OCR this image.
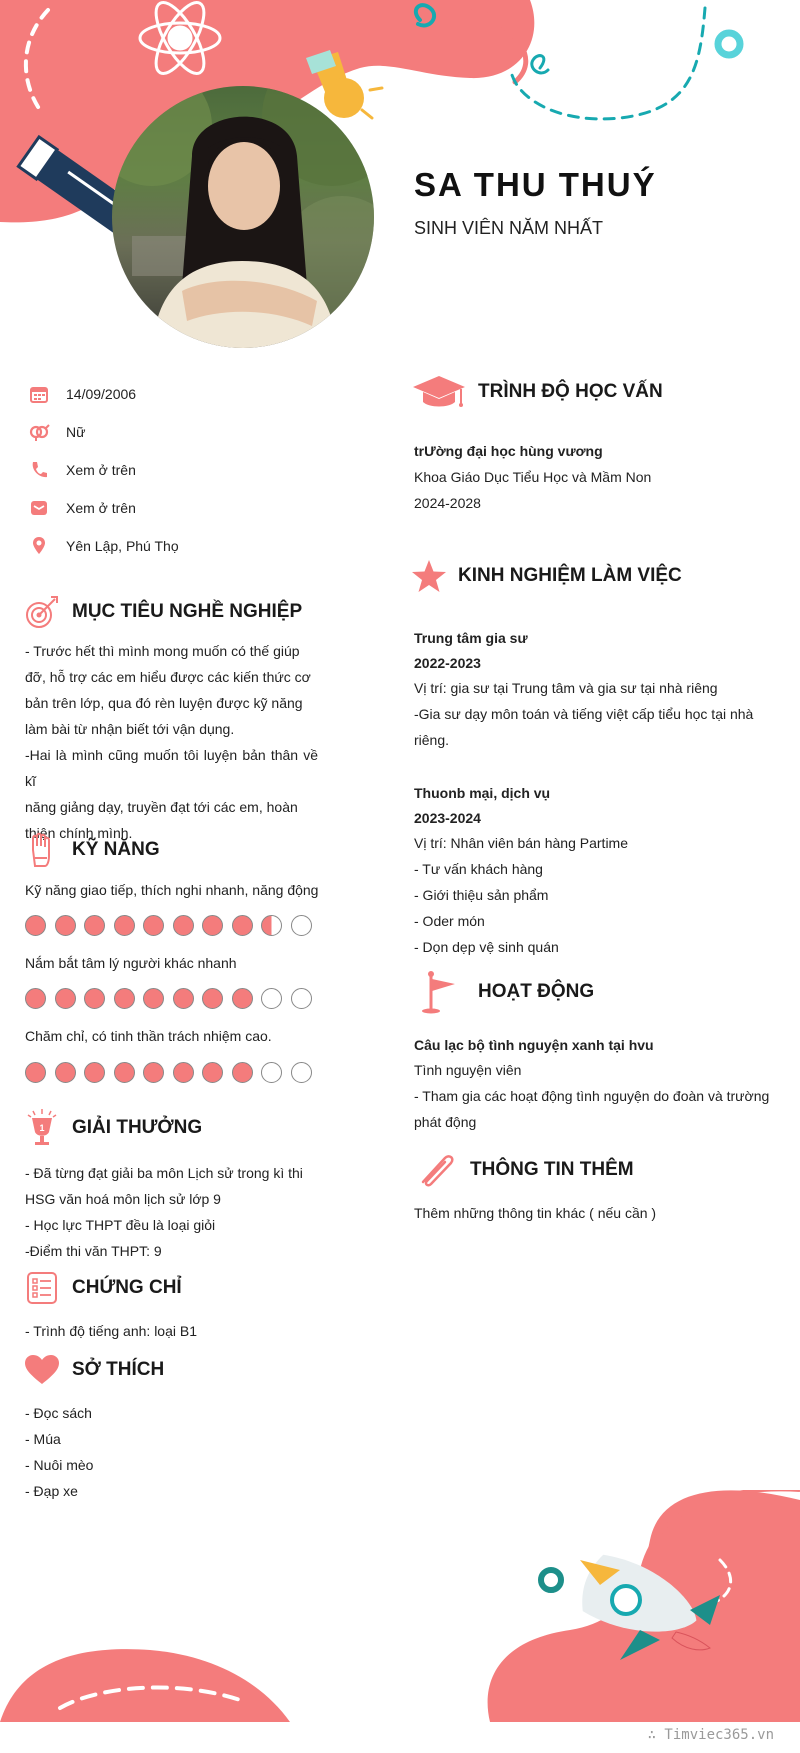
SA THU THUÝ
SINH VIÊN NĂM NHẤT
14/09/2006
Nữ
Xem ở trên
Xem ở trên
Yên Lập, Phú Thọ
MỤC TIÊU NGHỀ NGHIỆP
- Trước hết thì mình mong muốn có thế giúp
đỡ, hỗ trợ các em hiểu được các kiến thức cơ
bản trên lớp, qua đó rèn luyện được kỹ năng
làm bài từ nhận biết tới vận dụng.
-Hai là mình cũng muốn tôi luyện bản thân về kĩ
năng giảng dạy, truyền đạt tới các em, hoàn
thiện chính mình.
KỸ NĂNG
Kỹ năng giao tiếp, thích nghi nhanh, năng động
Nắm bắt tâm lý người khác nhanh
Chăm chỉ, có tinh thần trách nhiệm cao.
1 GIẢI THƯỞNG
- Đã từng đạt giải ba môn Lịch sử trong kì thi
HSG văn hoá môn lịch sử lớp 9
- Học lực THPT đều là loại giỏi
-Điểm thi văn THPT: 9
CHỨNG CHỈ
- Trình độ tiếng anh: loại B1
SỞ THÍCH
- Đọc sách
- Múa
- Nuôi mèo
- Đạp xe
TRÌNH ĐỘ HỌC VẤN
trƯờng đại học hùng vương
Khoa Giáo Dục Tiểu Học và Mầm Non
2024-2028
KINH NGHIỆM LÀM VIỆC
Trung tâm gia sư
2022-2023
Vị trí: gia sư tại Trung tâm và gia sư tại nhà riêng
-Gia sư dạy môn toán và tiếng việt cấp tiểu học tại nhà
riêng.
Thuonb mại, dịch vụ
2023-2024
Vị trí: Nhân viên bán hàng Partime
- Tư vấn khách hàng
- Giới thiệu sản phẩm
- Oder món
- Dọn dẹp vệ sinh quán
HOẠT ĐỘNG
Câu lạc bộ tình nguyện xanh tại hvu
Tình nguyện viên
- Tham gia các hoạt động tình nguyện do đoàn và trường
phát động
THÔNG TIN THÊM
Thêm những thông tin khác ( nếu cần )
∴ Timviec365.vn
